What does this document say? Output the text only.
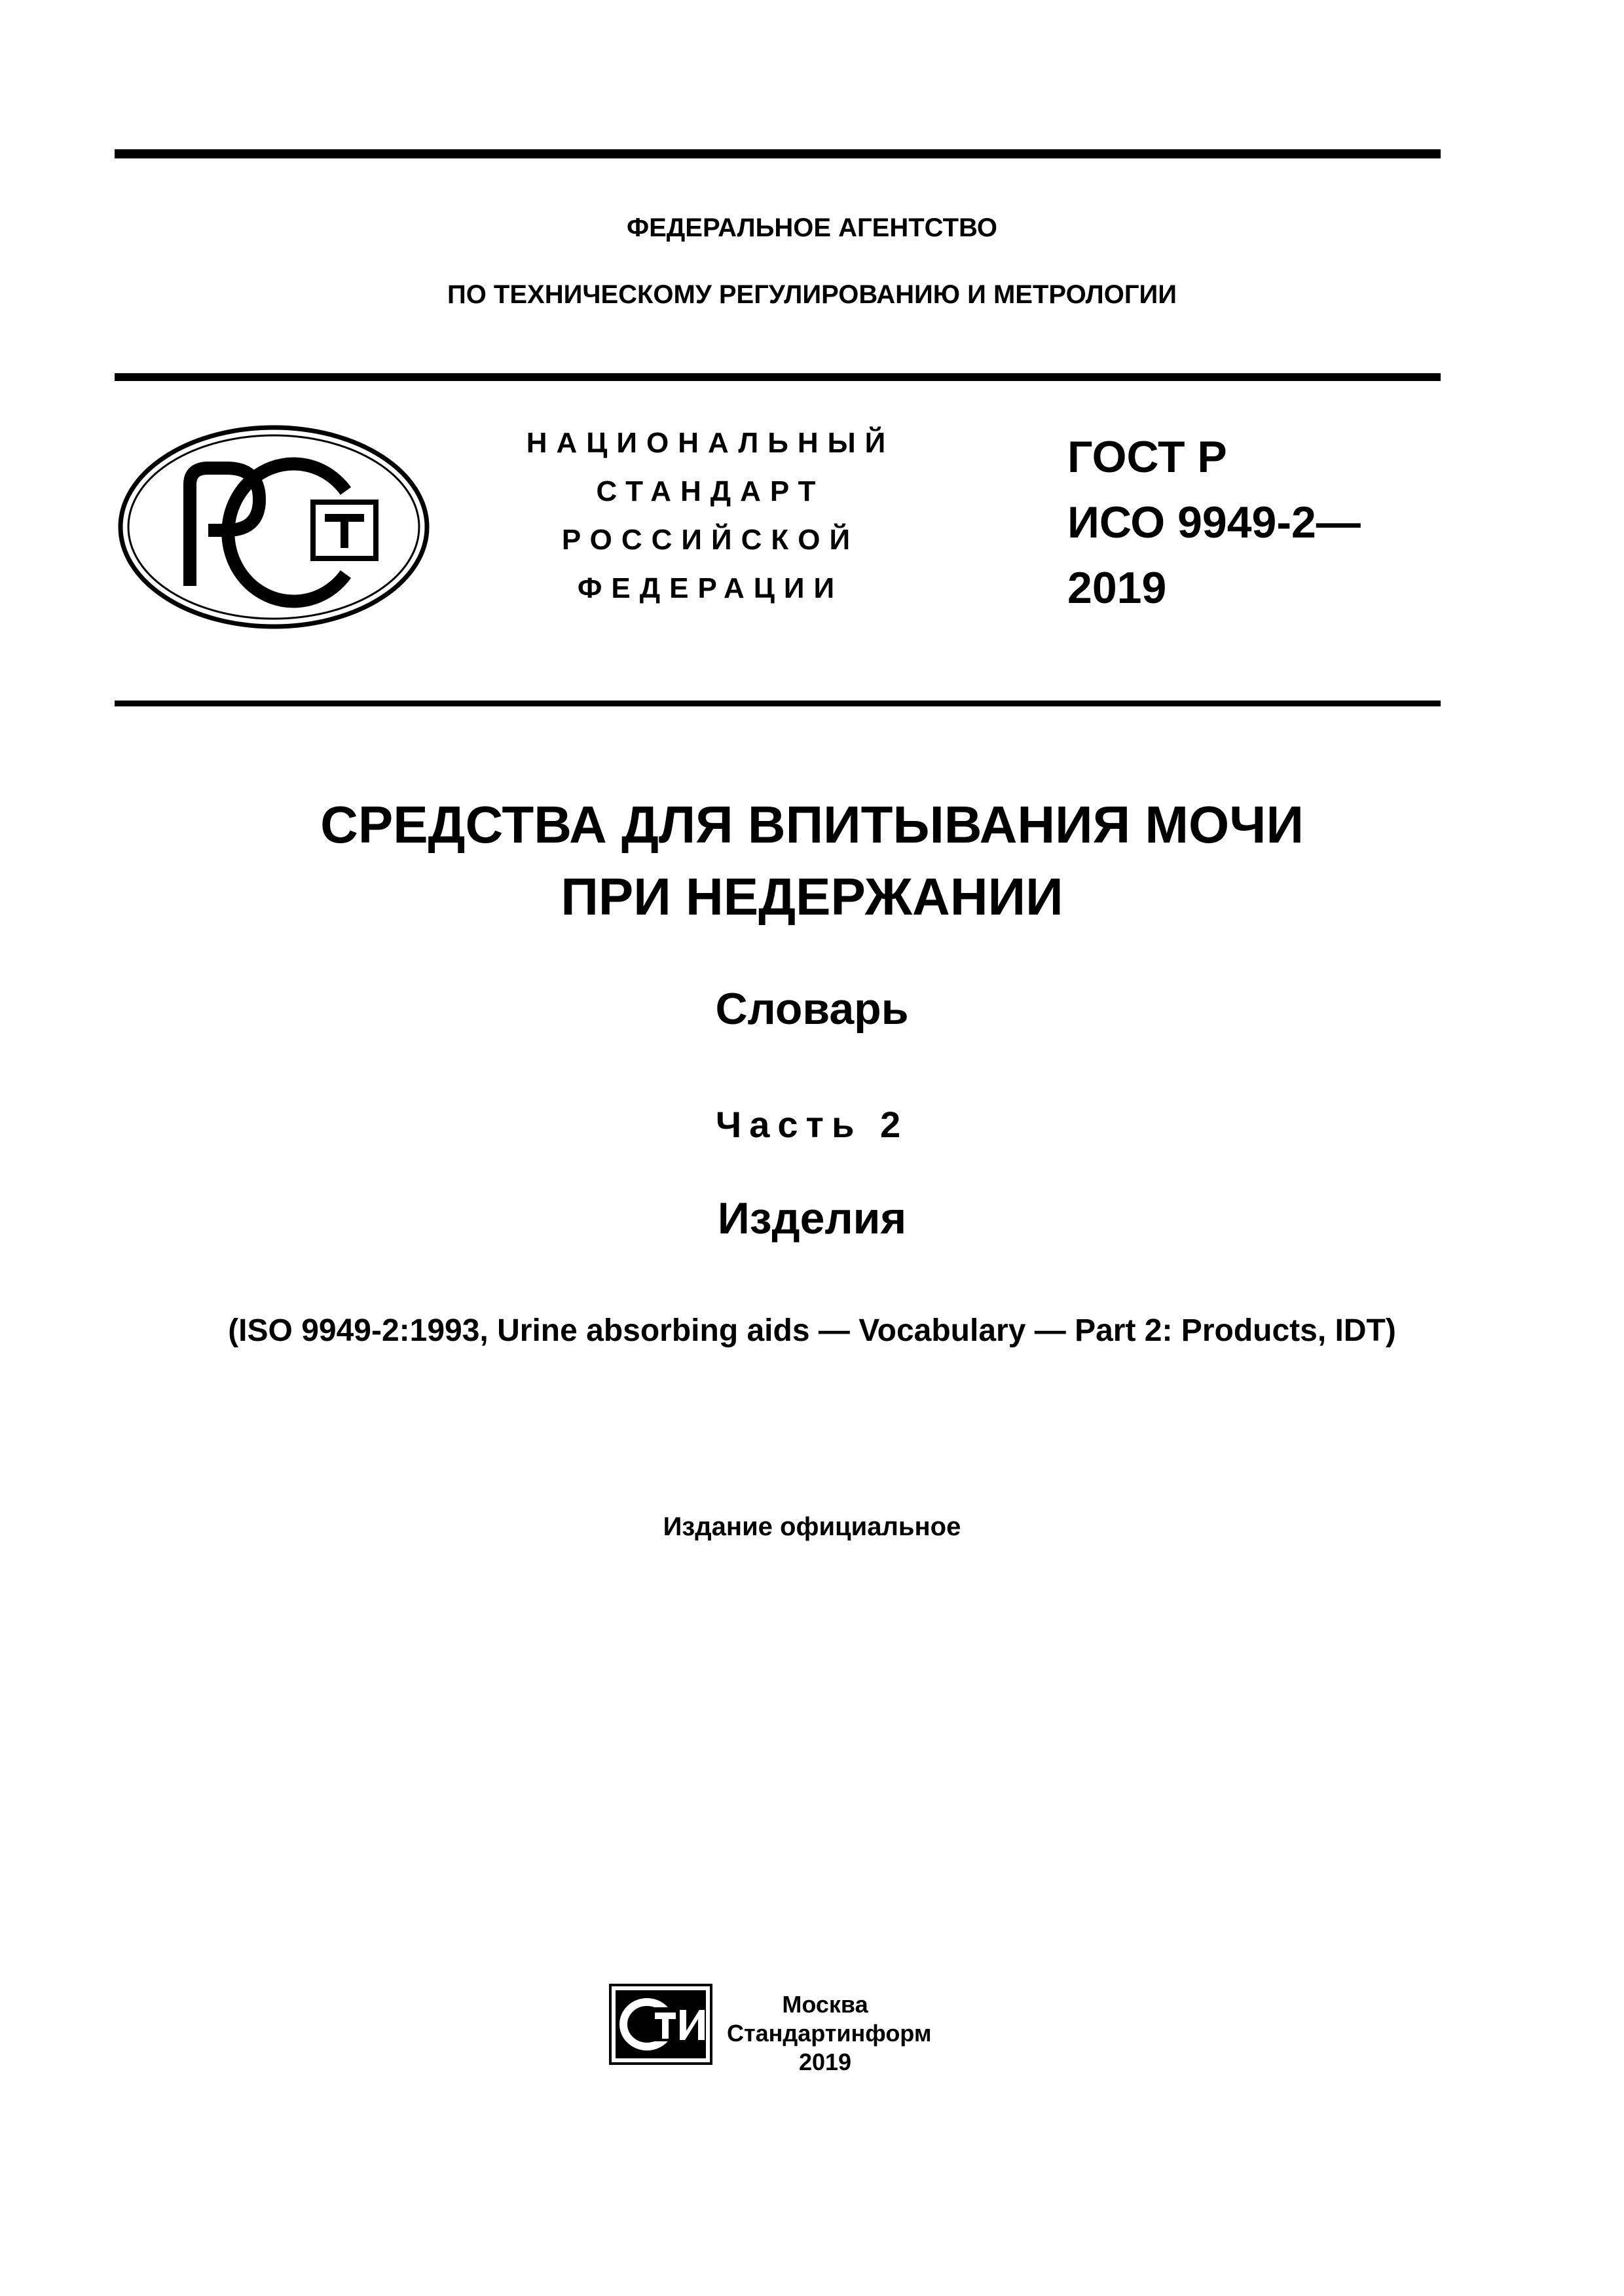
ФЕДЕРАЛЬНОЕ АГЕНТСТВО
ПО ТЕХНИЧЕСКОМУ РЕГУЛИРОВАНИЮ И МЕТРОЛОГИИ
НАЦИОНАЛЬНЫЙ
СТАНДАРТ
РОССИЙСКОЙ
ФЕДЕРАЦИИ
ГОСТ Р
ИСО 9949-2—
2019
СРЕДСТВА ДЛЯ ВПИТЫВАНИЯ МОЧИ
ПРИ НЕДЕРЖАНИИ
Словарь
Часть 2
Изделия
(ISO 9949-2:1993, Urine absorbing aids — Vocabulary — Part 2: Products, IDT)
Издание официальное
Москва
Стандартинформ
2019
